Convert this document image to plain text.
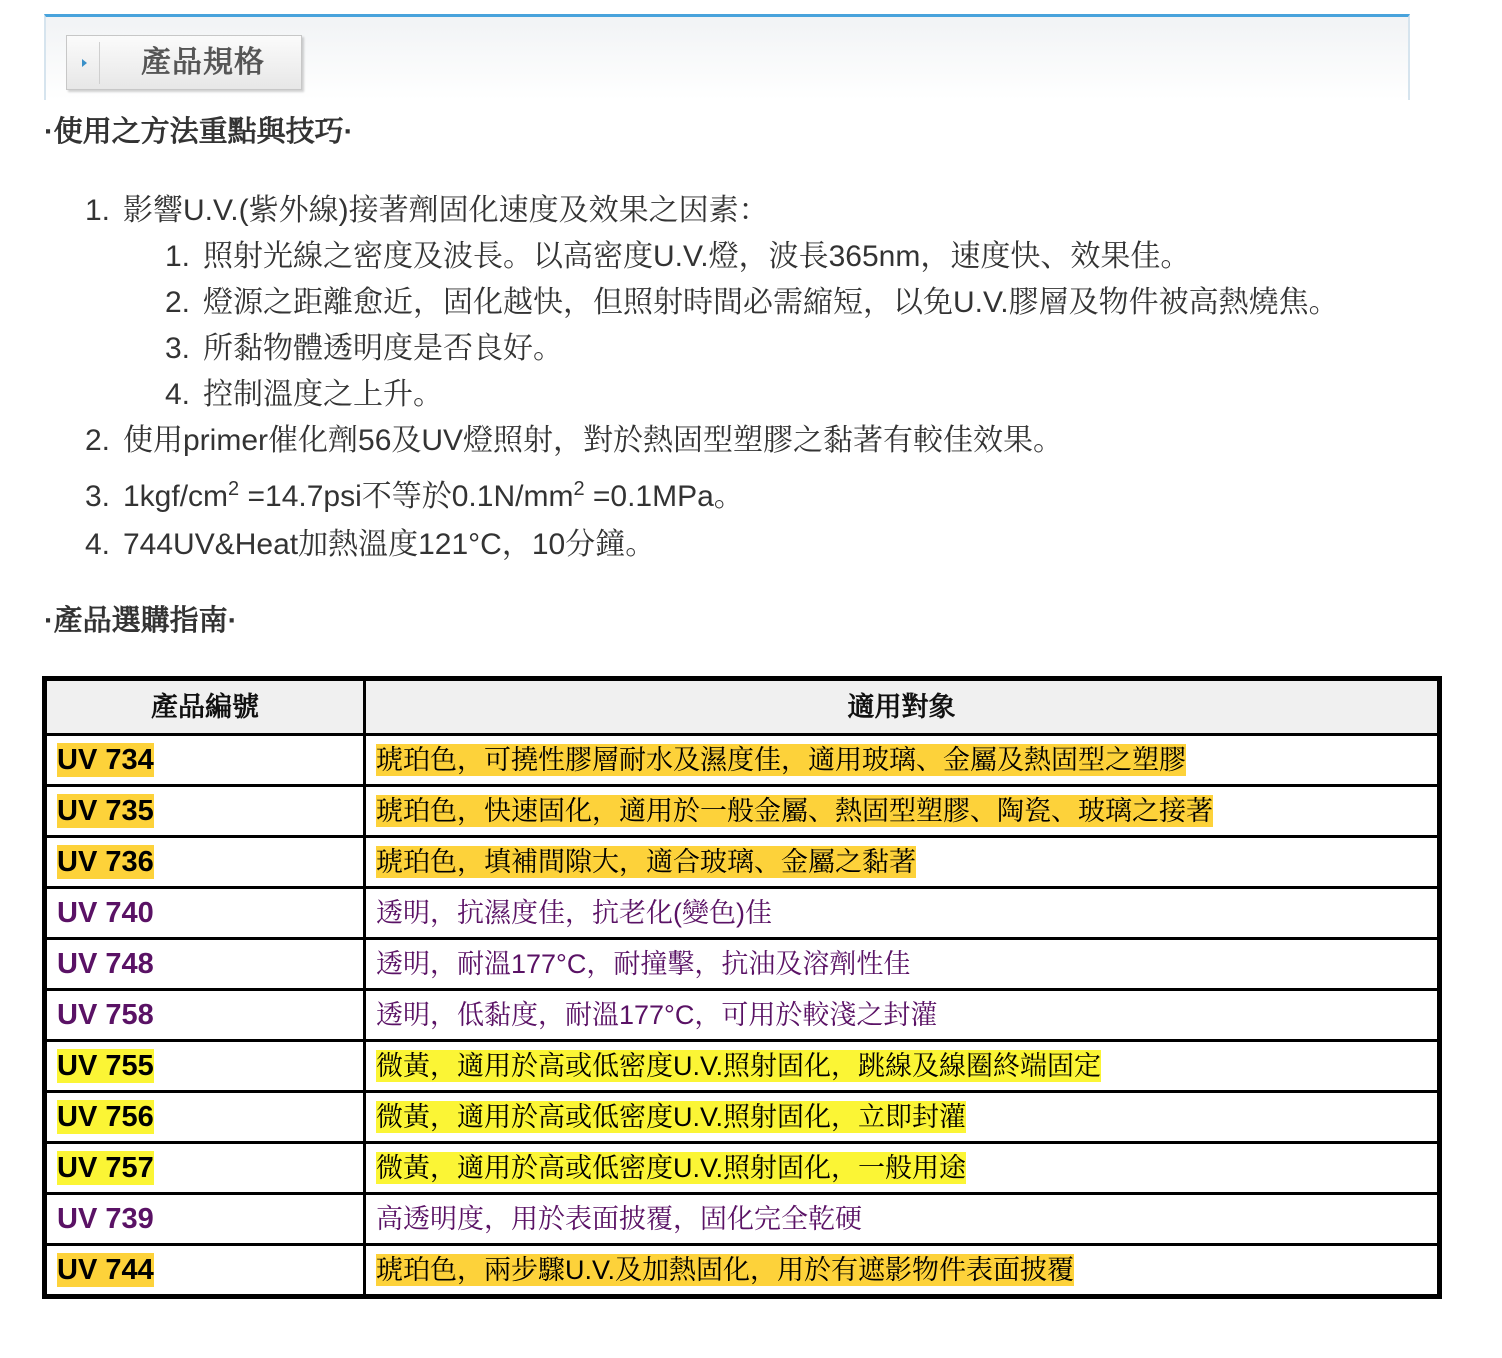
產品規格
·使用之方法重點與技巧·
1. 影響U.V.(紫外線)接著劑固化速度及效果之因素：
1. 照射光線之密度及波長。以高密度U.V.燈，波長365nm，速度快、效果佳。
2. 燈源之距離愈近，固化越快，但照射時間必需縮短，以免U.V.膠層及物件被高熱燒焦。
3. 所黏物體透明度是否良好。
4. 控制溫度之上升。
2. 使用primer催化劑56及UV燈照射，對於熱固型塑膠之黏著有較佳效果。
3. $1kgf/cm^2 =14.7psi$不等於$0.1N/mm^2 =0.1MPa$。
4. 744UV&Heat加熱溫度121°C，10分鐘。
·產品選購指南·
產品編號	適用對象
UV 734	琥珀色，可撓性膠層耐水及濕度佳，適用玻璃、金屬及熱固型之塑膠
UV 735	琥珀色，快速固化，適用於一般金屬、熱固型塑膠、陶瓷、玻璃之接著
UV 736	琥珀色，填補間隙大，適合玻璃、金屬之黏著
UV 740	透明，抗濕度佳，抗老化(變色)佳
UV 748	透明，耐溫177°C，耐撞擊，抗油及溶劑性佳
UV 758	透明，低黏度，耐溫177°C，可用於較淺之封灌
UV 755	微黃，適用於高或低密度U.V.照射固化，跳線及線圈終端固定
UV 756	微黃，適用於高或低密度U.V.照射固化，立即封灌
UV 757	微黃，適用於高或低密度U.V.照射固化，一般用途
UV 739	高透明度，用於表面披覆，固化完全乾硬
UV 744	琥珀色，兩步驟U.V.及加熱固化，用於有遮影物件表面披覆
